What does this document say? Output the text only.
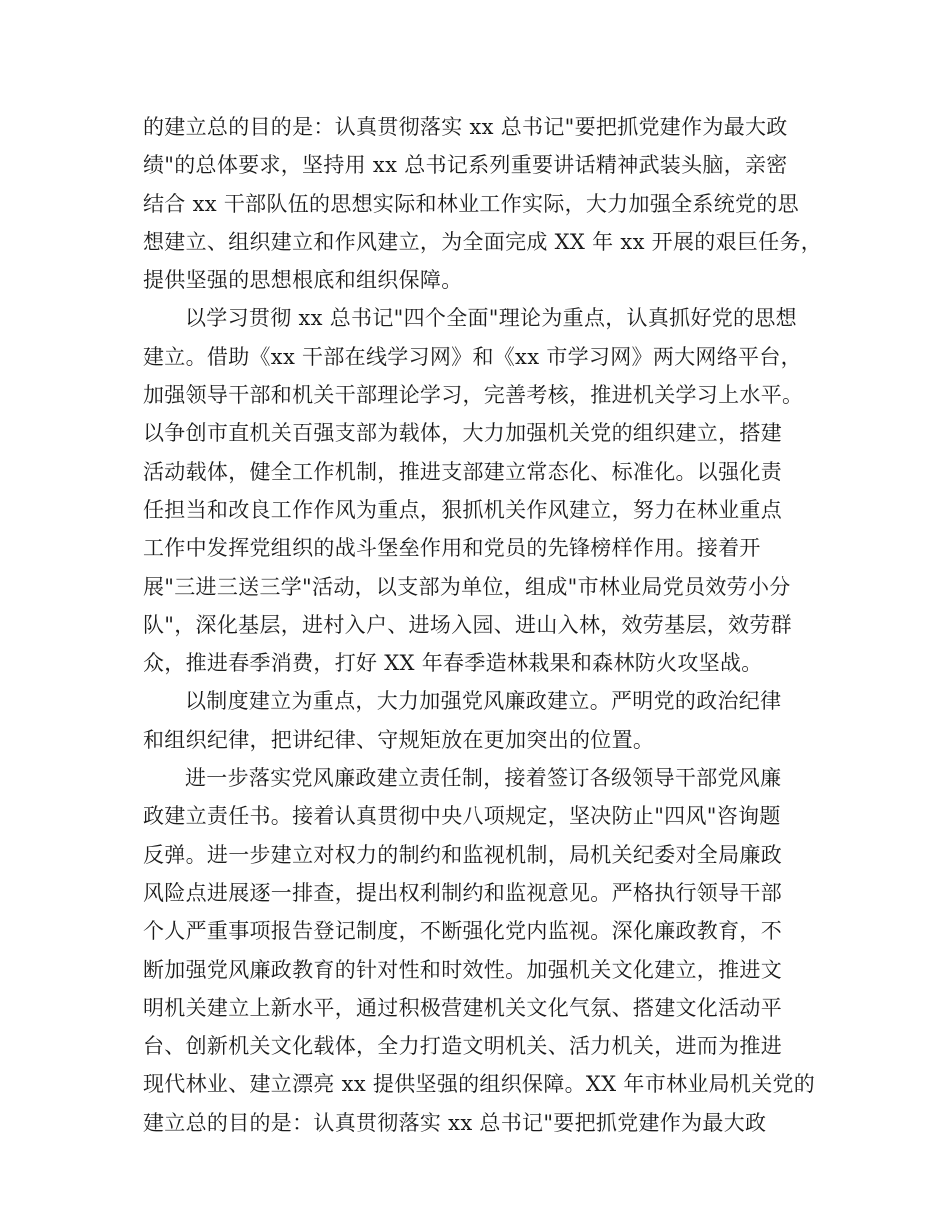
的建立总的目的是：认真贯彻落实 xx 总书记"要把抓党建作为最大政
绩"的总体要求，坚持用 xx 总书记系列重要讲话精神武装头脑，亲密
结合 xx 干部队伍的思想实际和林业工作实际，大力加强全系统党的思
想建立、组织建立和作风建立，为全面完成 XX 年 xx 开展的艰巨任务，
提供坚强的思想根底和组织保障。

以学习贯彻 xx 总书记"四个全面"理论为重点，认真抓好党的思想
建立。借助《xx 干部在线学习网》和《xx 市学习网》两大网络平台，
加强领导干部和机关干部理论学习，完善考核，推进机关学习上水平。
以争创市直机关百强支部为载体，大力加强机关党的组织建立，搭建
活动载体，健全工作机制，推进支部建立常态化、标准化。以强化责
任担当和改良工作作风为重点，狠抓机关作风建立，努力在林业重点
工作中发挥党组织的战斗堡垒作用和党员的先锋榜样作用。接着开
展"三进三送三学"活动，以支部为单位，组成"市林业局党员效劳小分
队"，深化基层，进村入户、进场入园、进山入林，效劳基层，效劳群
众，推进春季消费，打好 XX 年春季造林栽果和森林防火攻坚战。

以制度建立为重点，大力加强党风廉政建立。严明党的政治纪律
和组织纪律，把讲纪律、守规矩放在更加突出的位置。

进一步落实党风廉政建立责任制，接着签订各级领导干部党风廉
政建立责任书。接着认真贯彻中央八项规定，坚决防止"四风"咨询题
反弹。进一步建立对权力的制约和监视机制，局机关纪委对全局廉政
风险点进展逐一排查，提出权利制约和监视意见。严格执行领导干部
个人严重事项报告登记制度，不断强化党内监视。深化廉政教育，不
断加强党风廉政教育的针对性和时效性。加强机关文化建立，推进文
明机关建立上新水平，通过积极营建机关文化气氛、搭建文化活动平
台、创新机关文化载体，全力打造文明机关、活力机关，进而为推进
现代林业、建立漂亮 xx 提供坚强的组织保障。XX 年市林业局机关党的
建立总的目的是：认真贯彻落实 xx 总书记"要把抓党建作为最大政
